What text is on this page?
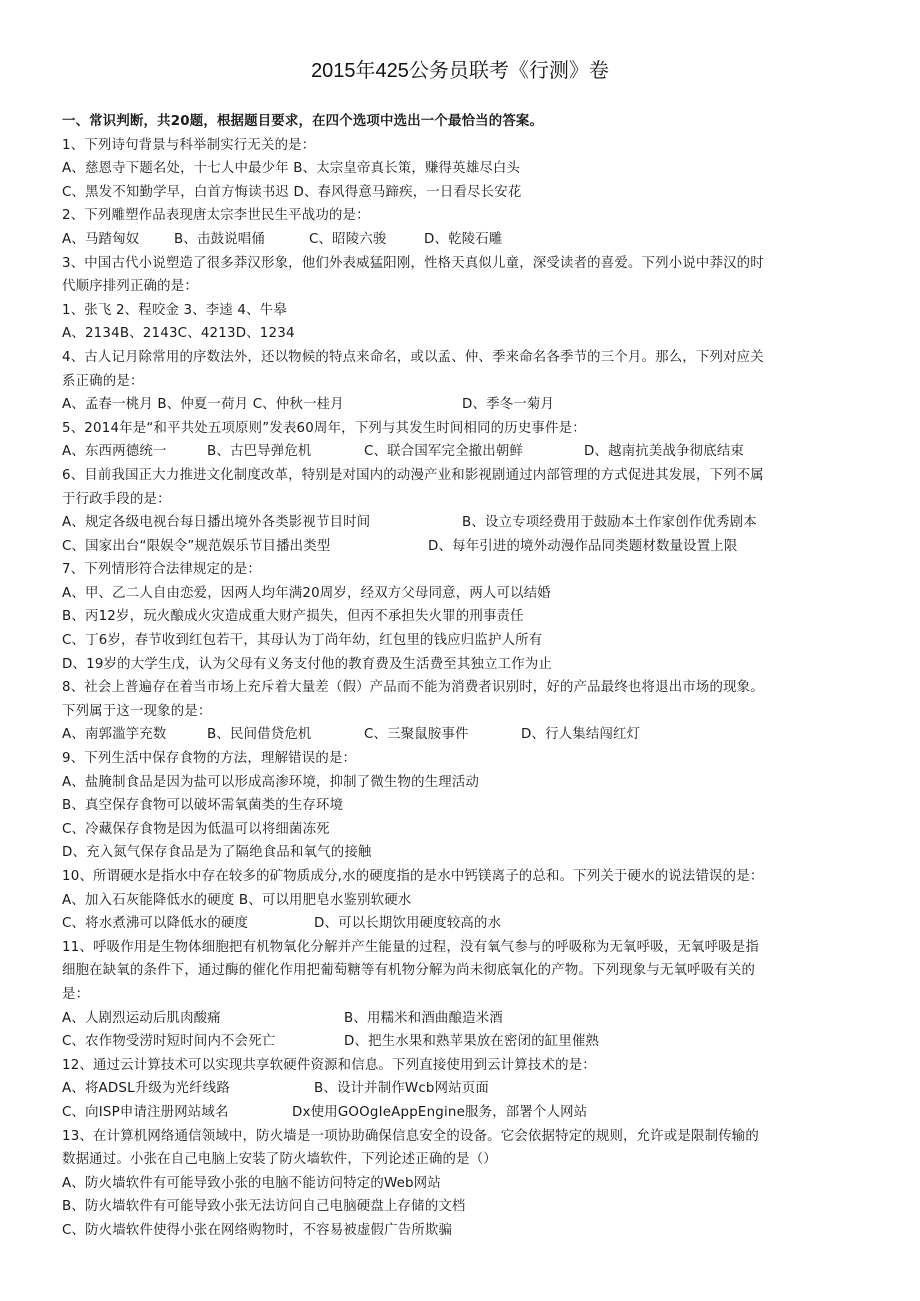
2015年425公务员联考《行测》卷
一、常识判断，共20题，根据题目要求，在四个选项中选出一个最恰当的答案。
1、下列诗句背景与科举制实行无关的是：
A、慈恩寺下题名处，十七人中最少年 B、太宗皇帝真长策，赚得英雄尽白头
C、黑发不知勤学早，白首方悔读书迟 D、春风得意马蹄疾，一日看尽长安花
2、下列雕塑作品表现唐太宗李世民生平战功的是：
A、马踏匈奴	B、击鼓说唱俑	C、昭陵六骏	D、乾陵石雕
3、中国古代小说塑造了很多莽汉形象，他们外表威猛阳刚，性格天真似儿童，深受读者的喜爱。下列小说中莽汉的时
代顺序排列正确的是：
1、张飞 2、程咬金 3、李逵 4、牛皋
A、2134B、2143C、4213D、1234
4、古人记月除常用的序数法外，还以物候的特点来命名，或以孟、仲、季来命名各季节的三个月。那么，下列对应关
系正确的是：
A、孟春一桃月 B、仲夏一荷月 C、仲秋一桂月	D、季冬一菊月
5、2014年是“和平共处五项原则”发表60周年，下列与其发生时间相同的历史事件是：
A、东西两德统一	B、古巴导弹危机	C、联合国军完全撤出朝鲜	D、越南抗美战争彻底结束
6、目前我国正大力推进文化制度改革，特别是对国内的动漫产业和影视剧通过内部管理的方式促进其发展，下列不属
于行政手段的是：
A、规定各级电视台每日播出境外各类影视节目时间	B、设立专项经费用于鼓励本土作家创作优秀剧本
C、国家出台“限娱令”规范娱乐节目播出类型	D、每年引进的境外动漫作品同类题材数量设置上限
7、下列情形符合法律规定的是：
A、甲、乙二人自由恋爱，因两人均年满20周岁，经双方父母同意，两人可以结婚
B、丙12岁，玩火酿成火灾造成重大财产损失，但丙不承担失火罪的刑事责任
C、丁6岁，春节收到红包若干，其母认为丁尚年幼，红包里的钱应归监护人所有
D、19岁的大学生戊，认为父母有义务支付他的教育费及生活费至其独立工作为止
8、社会上普遍存在着当市场上充斥着大量差（假）产品而不能为消费者识别时，好的产品最终也将退出市场的现象。
下列属于这一现象的是：
A、南郭滥竽充数	B、民间借贷危机	C、三聚鼠胺事件	D、行人集结闯红灯
9、下列生活中保存食物的方法，理解错误的是：
A、盐腌制食品是因为盐可以形成高渗环境，抑制了微生物的生理活动
B、真空保存食物可以破坏需氧菌类的生存环境
C、冷藏保存食物是因为低温可以将细菌冻死
D、充入氮气保存食品是为了隔绝食品和氧气的接触
10、所谓硬水是指水中存在较多的矿物质成分,水的硬度指的是水中钙镁离子的总和。下列关于硬水的说法错误的是：
A、加入石灰能降低水的硬度 B、可以用肥皂水鉴别软硬水
C、将水煮沸可以降低水的硬度	D、可以长期饮用硬度较高的水
11、呼吸作用是生物体细胞把有机物氧化分解并产生能量的过程，没有氧气参与的呼吸称为无氧呼吸，无氧呼吸是指
细胞在缺氧的条件下，通过酶的催化作用把葡萄糖等有机物分解为尚未彻底氧化的产物。下列现象与无氧呼吸有关的
是：
A、人剧烈运动后肌肉酸痛	B、用糯米和酒曲酿造米酒
C、农作物受涝时短时间内不会死亡	D、把生水果和熟苹果放在密闭的缸里催熟
12、通过云计算技术可以实现共享软硬件资源和信息。下列直接使用到云计算技术的是：
A、将ADSL升级为光纤线路	B、设计并制作Wcb网站页面
C、向ISP申请注册网站域名	Dx使用GOOgIeAppEngine服务，部署个人网站
13、在计算机网络通信领域中，防火墙是一项协助确保信息安全的设备。它会依据特定的规则，允许或是限制传输的
数据通过。小张在自己电脑上安装了防火墙软件，下列论述正确的是（）
A、防火墙软件有可能导致小张的电脑不能访问特定的Web网站
B、防火墙软件有可能导致小张无法访问自己电脑硬盘上存储的文档
C、防火墙软件使得小张在网络购物时，不容易被虚假广告所欺骗
